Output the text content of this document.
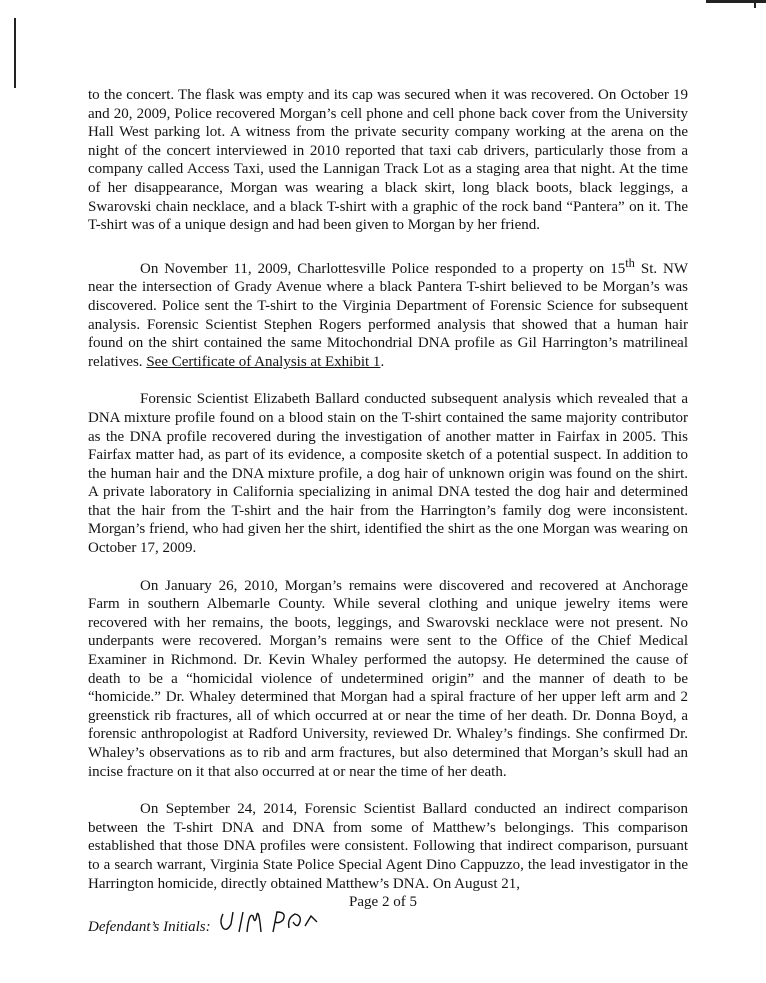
to the concert. The flask was empty and its cap was secured when it was recovered. On October 19 and 20, 2009, Police recovered Morgan’s cell phone and cell phone back cover from the University Hall West parking lot. A witness from the private security company working at the arena on the night of the concert interviewed in 2010 reported that taxi cab drivers, particularly those from a company called Access Taxi, used the Lannigan Track Lot as a staging area that night. At the time of her disappearance, Morgan was wearing a black skirt, long black boots, black leggings, a Swarovski chain necklace, and a black T-shirt with a graphic of the rock band “Pantera” on it. The T-shirt was of a unique design and had been given to Morgan by her friend.

On November 11, 2009, Charlottesville Police responded to a property on 15th St. NW near the intersection of Grady Avenue where a black Pantera T-shirt believed to be Morgan’s was discovered. Police sent the T-shirt to the Virginia Department of Forensic Science for subsequent analysis. Forensic Scientist Stephen Rogers performed analysis that showed that a human hair found on the shirt contained the same Mitochondrial DNA profile as Gil Harrington’s matrilineal relatives. See Certificate of Analysis at Exhibit 1.

Forensic Scientist Elizabeth Ballard conducted subsequent analysis which revealed that a DNA mixture profile found on a blood stain on the T-shirt contained the same majority contributor as the DNA profile recovered during the investigation of another matter in Fairfax in 2005. This Fairfax matter had, as part of its evidence, a composite sketch of a potential suspect. In addition to the human hair and the DNA mixture profile, a dog hair of unknown origin was found on the shirt. A private laboratory in California specializing in animal DNA tested the dog hair and determined that the hair from the T-shirt and the hair from the Harrington’s family dog were inconsistent. Morgan’s friend, who had given her the shirt, identified the shirt as the one Morgan was wearing on October 17, 2009.

On January 26, 2010, Morgan’s remains were discovered and recovered at Anchorage Farm in southern Albemarle County. While several clothing and unique jewelry items were recovered with her remains, the boots, leggings, and Swarovski necklace were not present. No underpants were recovered. Morgan’s remains were sent to the Office of the Chief Medical Examiner in Richmond. Dr. Kevin Whaley performed the autopsy. He determined the cause of death to be a “homicidal violence of undetermined origin” and the manner of death to be “homicide.” Dr. Whaley determined that Morgan had a spiral fracture of her upper left arm and 2 greenstick rib fractures, all of which occurred at or near the time of her death. Dr. Donna Boyd, a forensic anthropologist at Radford University, reviewed Dr. Whaley’s findings. She confirmed Dr. Whaley’s observations as to rib and arm fractures, but also determined that Morgan’s skull had an incise fracture on it that also occurred at or near the time of her death.

On September 24, 2014, Forensic Scientist Ballard conducted an indirect comparison between the T-shirt DNA and DNA from some of Matthew’s belongings. This comparison established that those DNA profiles were consistent. Following that indirect comparison, pursuant to a search warrant, Virginia State Police Special Agent Dino Cappuzzo, the lead investigator in the Harrington homicide, directly obtained Matthew’s DNA. On August 21,

Defendant’s Initials:
Page 2 of 5
